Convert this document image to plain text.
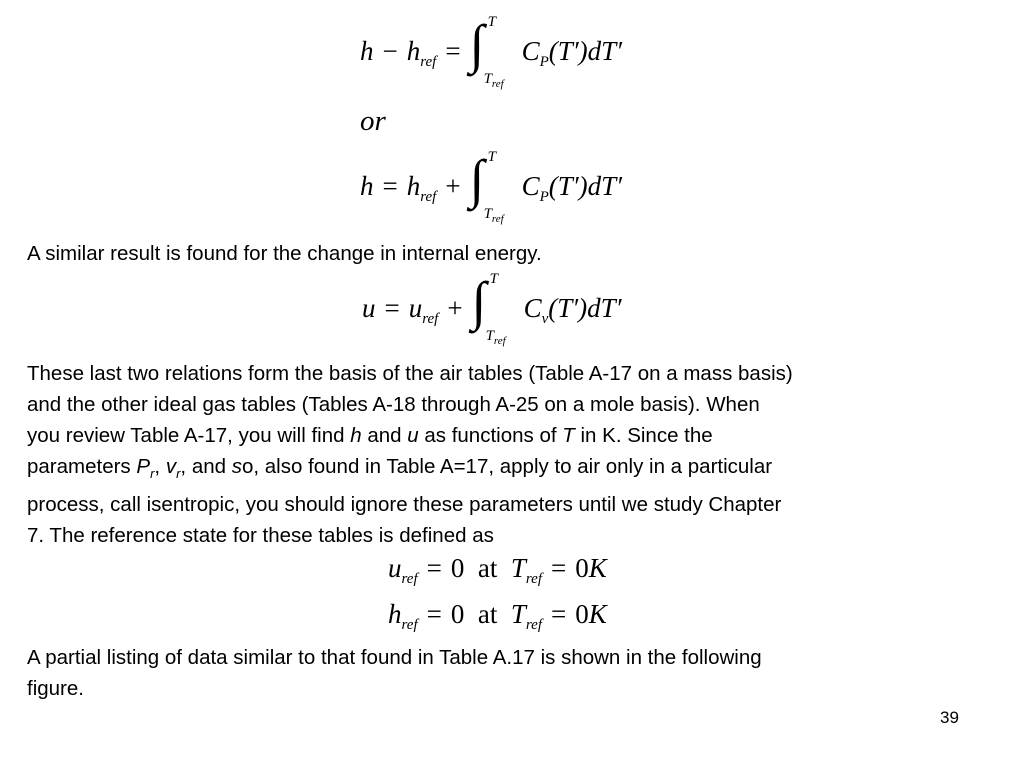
$h - h_{ref}$ = ∫ T
$T_{ref}$
$C_P(T')dT'$
or
$h = h_{ref}$ + ∫ T
$T_{ref}$
$C_P(T')dT'$
A similar result is found for the change in internal energy.
$u = u_{ref}$ + ∫ T
$T_{ref}$
$C_v(T')dT'$
These last two relations form the basis of the air tables (Table A-17 on a mass basis)
and the other ideal gas tables (Tables A-18 through A-25 on a mole basis). When
you review Table A-17, you will find h and u as functions of T in K. Since the
parameters $P_r$, $v_r$, and so, also found in Table A=17, apply to air only in a particular
process, call isentropic, you should ignore these parameters until we study Chapter
7. The reference state for these tables is defined as
$u_{ref} = 0$ at $T_{ref} = 0K$
$h_{ref} = 0$ at $T_{ref} = 0K$
A partial listing of data similar to that found in Table A.17 is shown in the following
figure.
39
